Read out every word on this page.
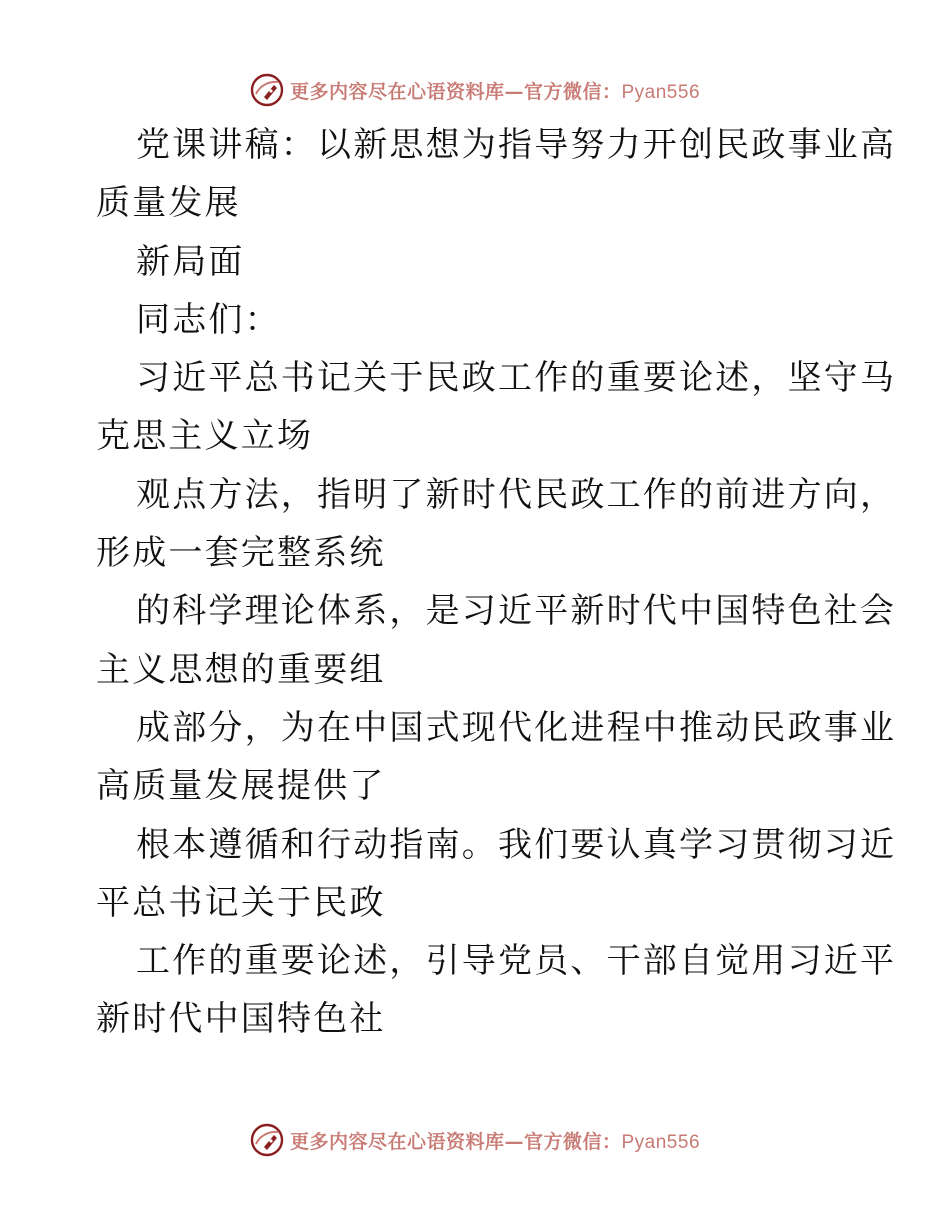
更多内容尽在心语资料库—官方微信：Pyan556
党课讲稿：以新思想为指导努力开创民政事业高
质量发展
新局面
同志们：
习近平总书记关于民政工作的重要论述，坚守马
克思主义立场
观点方法，指明了新时代民政工作的前进方向，
形成一套完整系统
的科学理论体系，是习近平新时代中国特色社会
主义思想的重要组
成部分，为在中国式现代化进程中推动民政事业
高质量发展提供了
根本遵循和行动指南。我们要认真学习贯彻习近
平总书记关于民政
工作的重要论述，引导党员、干部自觉用习近平
新时代中国特色社
更多内容尽在心语资料库—官方微信：Pyan556
